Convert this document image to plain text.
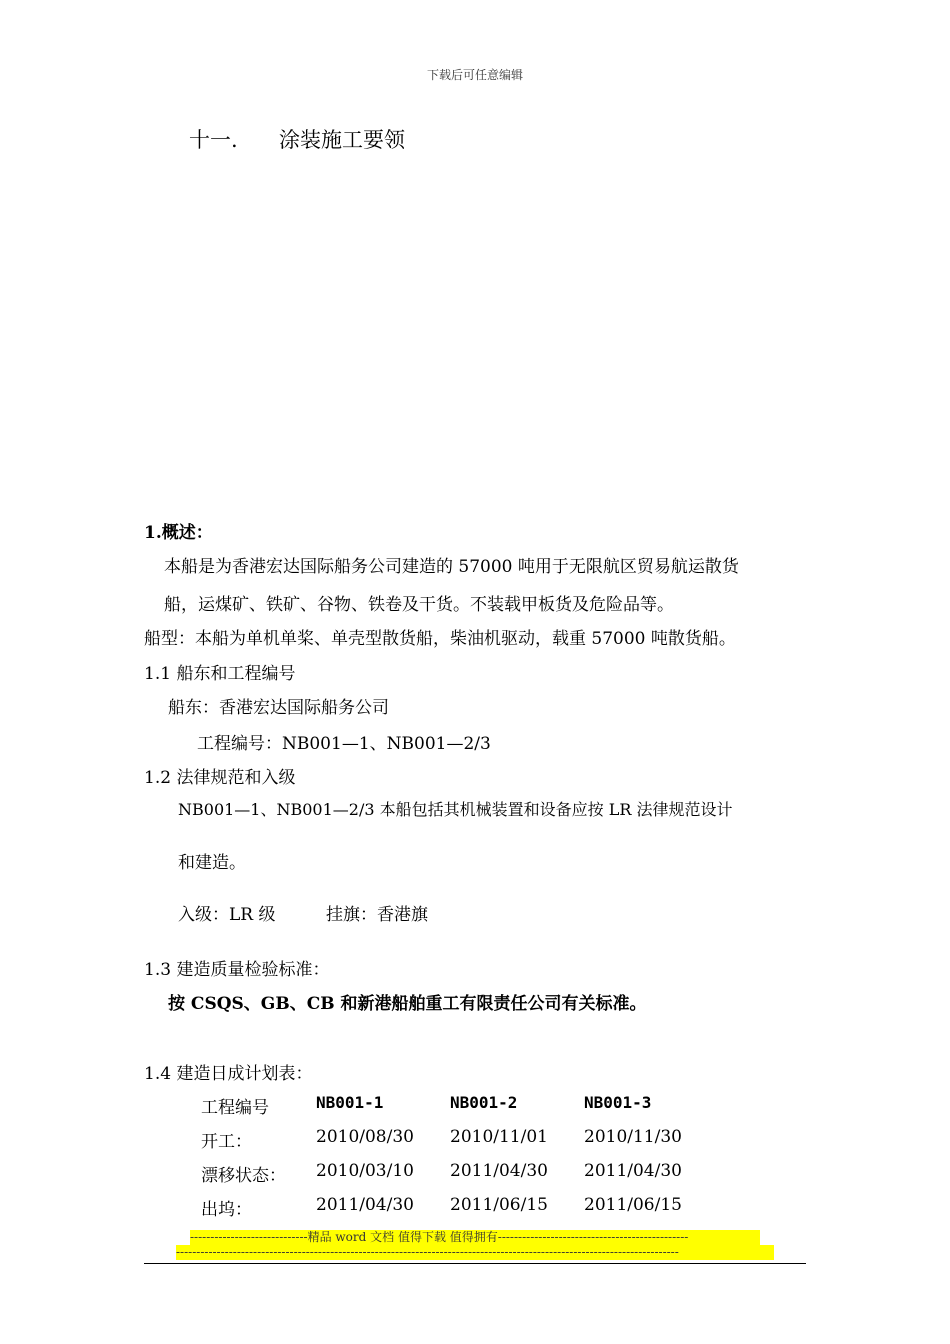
下载后可任意编辑
十一. 涂装施工要领
1.概述：
本船是为香港宏达国际船务公司建造的 57000 吨用于无限航区贸易航运散货
船，运煤矿、铁矿、谷物、铁卷及干货。不装载甲板货及危险品等。
船型：本船为单机单桨、单壳型散货船，柴油机驱动，载重 57000 吨散货船。
1.1 船东和工程编号
船东：香港宏达国际船务公司
工程编号：NB001—1、NB001—2/3
1.2 法律规范和入级
NB001—1、NB001—2/3 本船包括其机械装置和设备应按 LR 法律规范设计
和建造。
入级：LR 级	挂旗：香港旗
1.3 建造质量检验标准：
按 CSQS、GB、CB 和新港船舶重工有限责任公司有关标准。
1.4 建造日成计划表：
工程编号	NB001-1	NB001-2	NB001-3
开工：	2010/08/30 2010/11/01 2010/11/30
漂移状态： 2010/03/10 2011/04/30 2011/04/30
出坞：	2011/04/30 2011/06/15 2011/06/15
-----------------------------精品 word 文档 值得下载 值得拥有-----------------------------------------------
----------------------------------------------------------------------------------------------------------------------------
